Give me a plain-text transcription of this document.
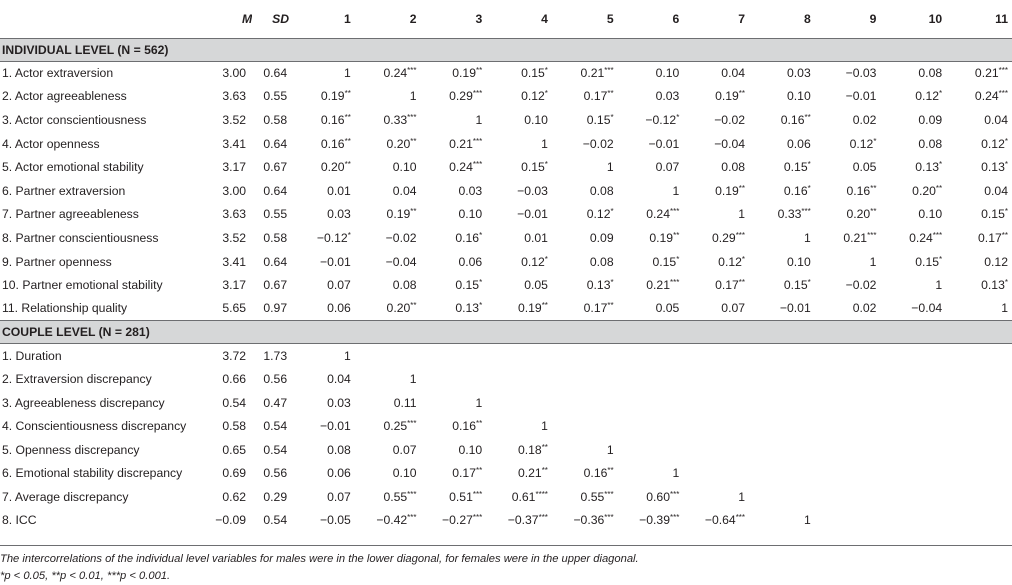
	M	SD	1	2	3	4	5	6	7	8	9	10	11
INDIVIDUAL LEVEL (N = 562)													
1. Actor extraversion	3.00	0.64	1	0.24***	0.19**	0.15*	0.21***	0.10	0.04	0.03	−0.03	0.08	0.21***
2. Actor agreeableness	3.63	0.55	0.19**	1	0.29***	0.12*	0.17**	0.03	0.19**	0.10	−0.01	0.12*	0.24***
3. Actor conscientiousness	3.52	0.58	0.16**	0.33***	1	0.10	0.15*	−0.12*	−0.02	0.16**	0.02	0.09	0.04
4. Actor openness	3.41	0.64	0.16**	0.20**	0.21***	1	−0.02	−0.01	−0.04	0.06	0.12*	0.08	0.12*
5. Actor emotional stability	3.17	0.67	0.20**	0.10	0.24***	0.15*	1	0.07	0.08	0.15*	0.05	0.13*	0.13*
6. Partner extraversion	3.00	0.64	0.01	0.04	0.03	−0.03	0.08	1	0.19**	0.16*	0.16**	0.20**	0.04
7. Partner agreeableness	3.63	0.55	0.03	0.19**	0.10	−0.01	0.12*	0.24***	1	0.33***	0.20**	0.10	0.15*
8. Partner conscientiousness	3.52	0.58	−0.12*	−0.02	0.16*	0.01	0.09	0.19**	0.29***	1	0.21***	0.24***	0.17**
9. Partner openness	3.41	0.64	−0.01	−0.04	0.06	0.12*	0.08	0.15*	0.12*	0.10	1	0.15*	0.12
10. Partner emotional stability	3.17	0.67	0.07	0.08	0.15*	0.05	0.13*	0.21***	0.17**	0.15*	−0.02	1	0.13*
11. Relationship quality	5.65	0.97	0.06	0.20**	0.13*	0.19**	0.17**	0.05	0.07	−0.01	0.02	−0.04	1
COUPLE LEVEL (N = 281)													
1. Duration	3.72	1.73	1										
2. Extraversion discrepancy	0.66	0.56	0.04	1									
3. Agreeableness discrepancy	0.54	0.47	0.03	0.11	1								
4. Conscientiousness discrepancy	0.58	0.54	−0.01	0.25***	0.16**	1							
5. Openness discrepancy	0.65	0.54	0.08	0.07	0.10	0.18**	1						
6. Emotional stability discrepancy	0.69	0.56	0.06	0.10	0.17**	0.21**	0.16**	1					
7. Average discrepancy	0.62	0.29	0.07	0.55***	0.51***	0.61****	0.55***	0.60***	1				
8. ICC	−0.09	0.54	−0.05	−0.42***	−0.27***	−0.37***	−0.36***	−0.39***	−0.64***	1			
The intercorrelations of the individual level variables for males were in the lower diagonal, for females were in the upper diagonal.
*p < 0.05, **p < 0.01, ***p < 0.001.
